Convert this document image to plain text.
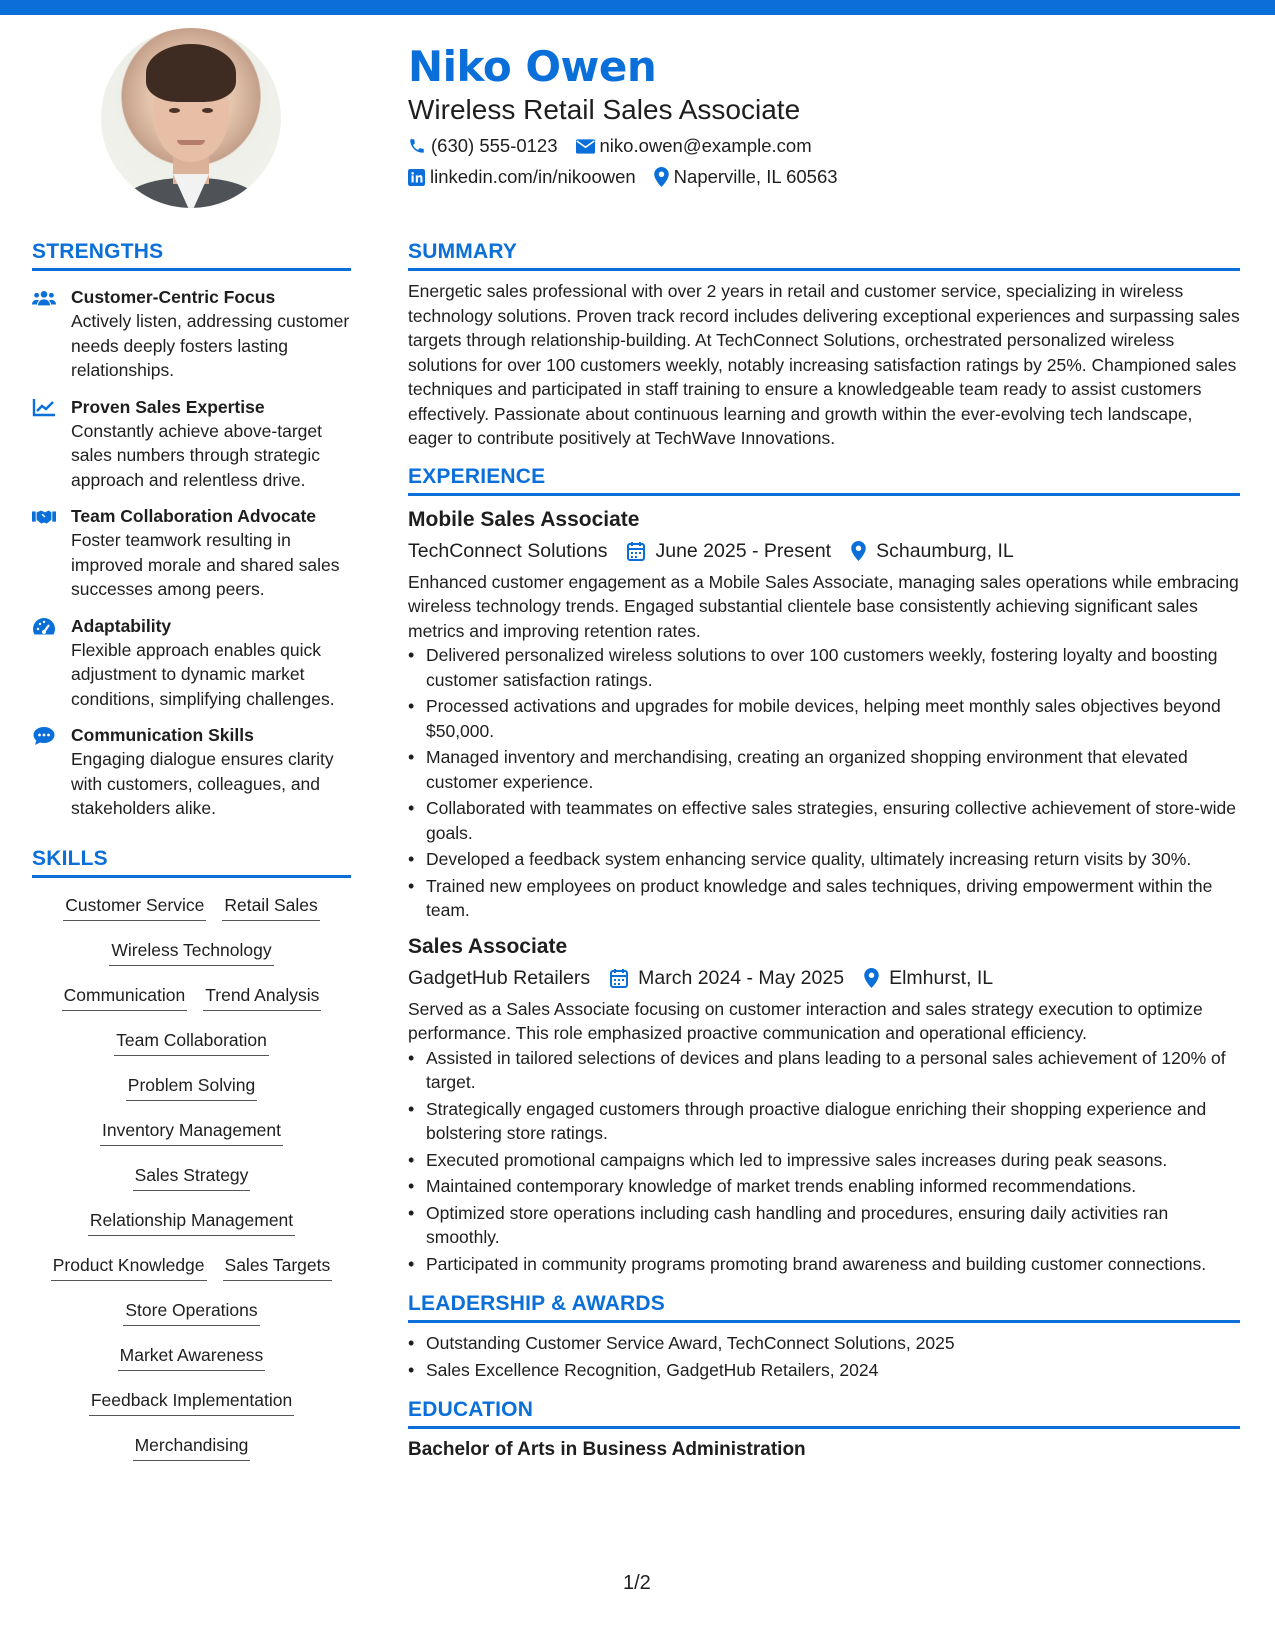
Niko Owen
Wireless Retail Sales Associate
(630) 555-0123 niko.owen@example.com
linkedin.com/in/nikoowen Naperville, IL 60563
STRENGTHS
Customer-Centric Focus
Actively listen, addressing customer needs deeply fosters lasting relationships.
Proven Sales Expertise
Constantly achieve above-target sales numbers through strategic approach and relentless drive.
Team Collaboration Advocate
Foster teamwork resulting in improved morale and shared sales successes among peers.
Adaptability
Flexible approach enables quick adjustment to dynamic market conditions, simplifying challenges.
Communication Skills
Engaging dialogue ensures clarity with customers, colleagues, and stakeholders alike.
SKILLS
Customer Service Retail Sales
Wireless Technology
Communication Trend Analysis
Team Collaboration
Problem Solving
Inventory Management
Sales Strategy
Relationship Management
Product Knowledge Sales Targets
Store Operations
Market Awareness
Feedback Implementation
Merchandising
SUMMARY
Energetic sales professional with over 2 years in retail and customer service, specializing in wireless technology solutions. Proven track record includes delivering exceptional experiences and surpassing sales targets through relationship-building. At TechConnect Solutions, orchestrated personalized wireless solutions for over 100 customers weekly, notably increasing satisfaction ratings by 25%. Championed sales techniques and participated in staff training to ensure a knowledgeable team ready to assist customers effectively. Passionate about continuous learning and growth within the ever-evolving tech landscape, eager to contribute positively at TechWave Innovations.
EXPERIENCE
Mobile Sales Associate
TechConnect Solutions June 2025 - Present Schaumburg, IL
Enhanced customer engagement as a Mobile Sales Associate, managing sales operations while embracing wireless technology trends. Engaged substantial clientele base consistently achieving significant sales metrics and improving retention rates.
• Delivered personalized wireless solutions to over 100 customers weekly, fostering loyalty and boosting customer satisfaction ratings.
• Processed activations and upgrades for mobile devices, helping meet monthly sales objectives beyond $50,000.
• Managed inventory and merchandising, creating an organized shopping environment that elevated customer experience.
• Collaborated with teammates on effective sales strategies, ensuring collective achievement of store-wide goals.
• Developed a feedback system enhancing service quality, ultimately increasing return visits by 30%.
• Trained new employees on product knowledge and sales techniques, driving empowerment within the team.
Sales Associate
GadgetHub Retailers March 2024 - May 2025 Elmhurst, IL
Served as a Sales Associate focusing on customer interaction and sales strategy execution to optimize performance. This role emphasized proactive communication and operational efficiency.
• Assisted in tailored selections of devices and plans leading to a personal sales achievement of 120% of target.
• Strategically engaged customers through proactive dialogue enriching their shopping experience and bolstering store ratings.
• Executed promotional campaigns which led to impressive sales increases during peak seasons.
• Maintained contemporary knowledge of market trends enabling informed recommendations.
• Optimized store operations including cash handling and procedures, ensuring daily activities ran smoothly.
• Participated in community programs promoting brand awareness and building customer connections.
LEADERSHIP & AWARDS
• Outstanding Customer Service Award, TechConnect Solutions, 2025
• Sales Excellence Recognition, GadgetHub Retailers, 2024
EDUCATION
Bachelor of Arts in Business Administration
1/2
